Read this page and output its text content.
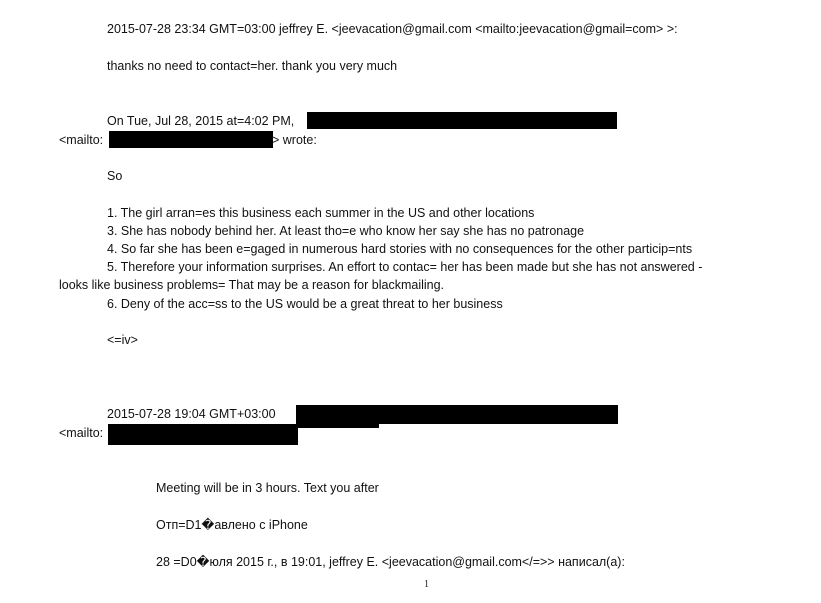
2015-07-28 23:34 GMT=03:00 jeffrey E. <jeevacation@gmail.com <mailto:jeevacation@gmail=com> >:
thanks no need to contact=her. thank you very much
On Tue, Jul 28, 2015 at=4:02 PM,
<mailto:	> wrote:
So
1. The girl arran=es this business each summer in the US and other locations
3. She has nobody behind her. At least tho=e who know her say she has no patronage
4. So far she has been e=gaged in numerous hard stories with no consequences for the other particip=nts
5. Therefore your information surprises. An effort to contac= her has been made but she has not answered -
looks like business problems= That may be a reason for blackmailing.
6. Deny of the acc=ss to the US would be a great threat to her business
<=iv>
2015-07-28 19:04 GMT+03:00
<mailto:
Meeting will be in 3 hours. Text you after
Отп=D1�авлено с iPhone
28 =D0�юля 2015 г., в 19:01, jeffrey E. <jeevacation@gmail.com</=>> написал(а):
1
